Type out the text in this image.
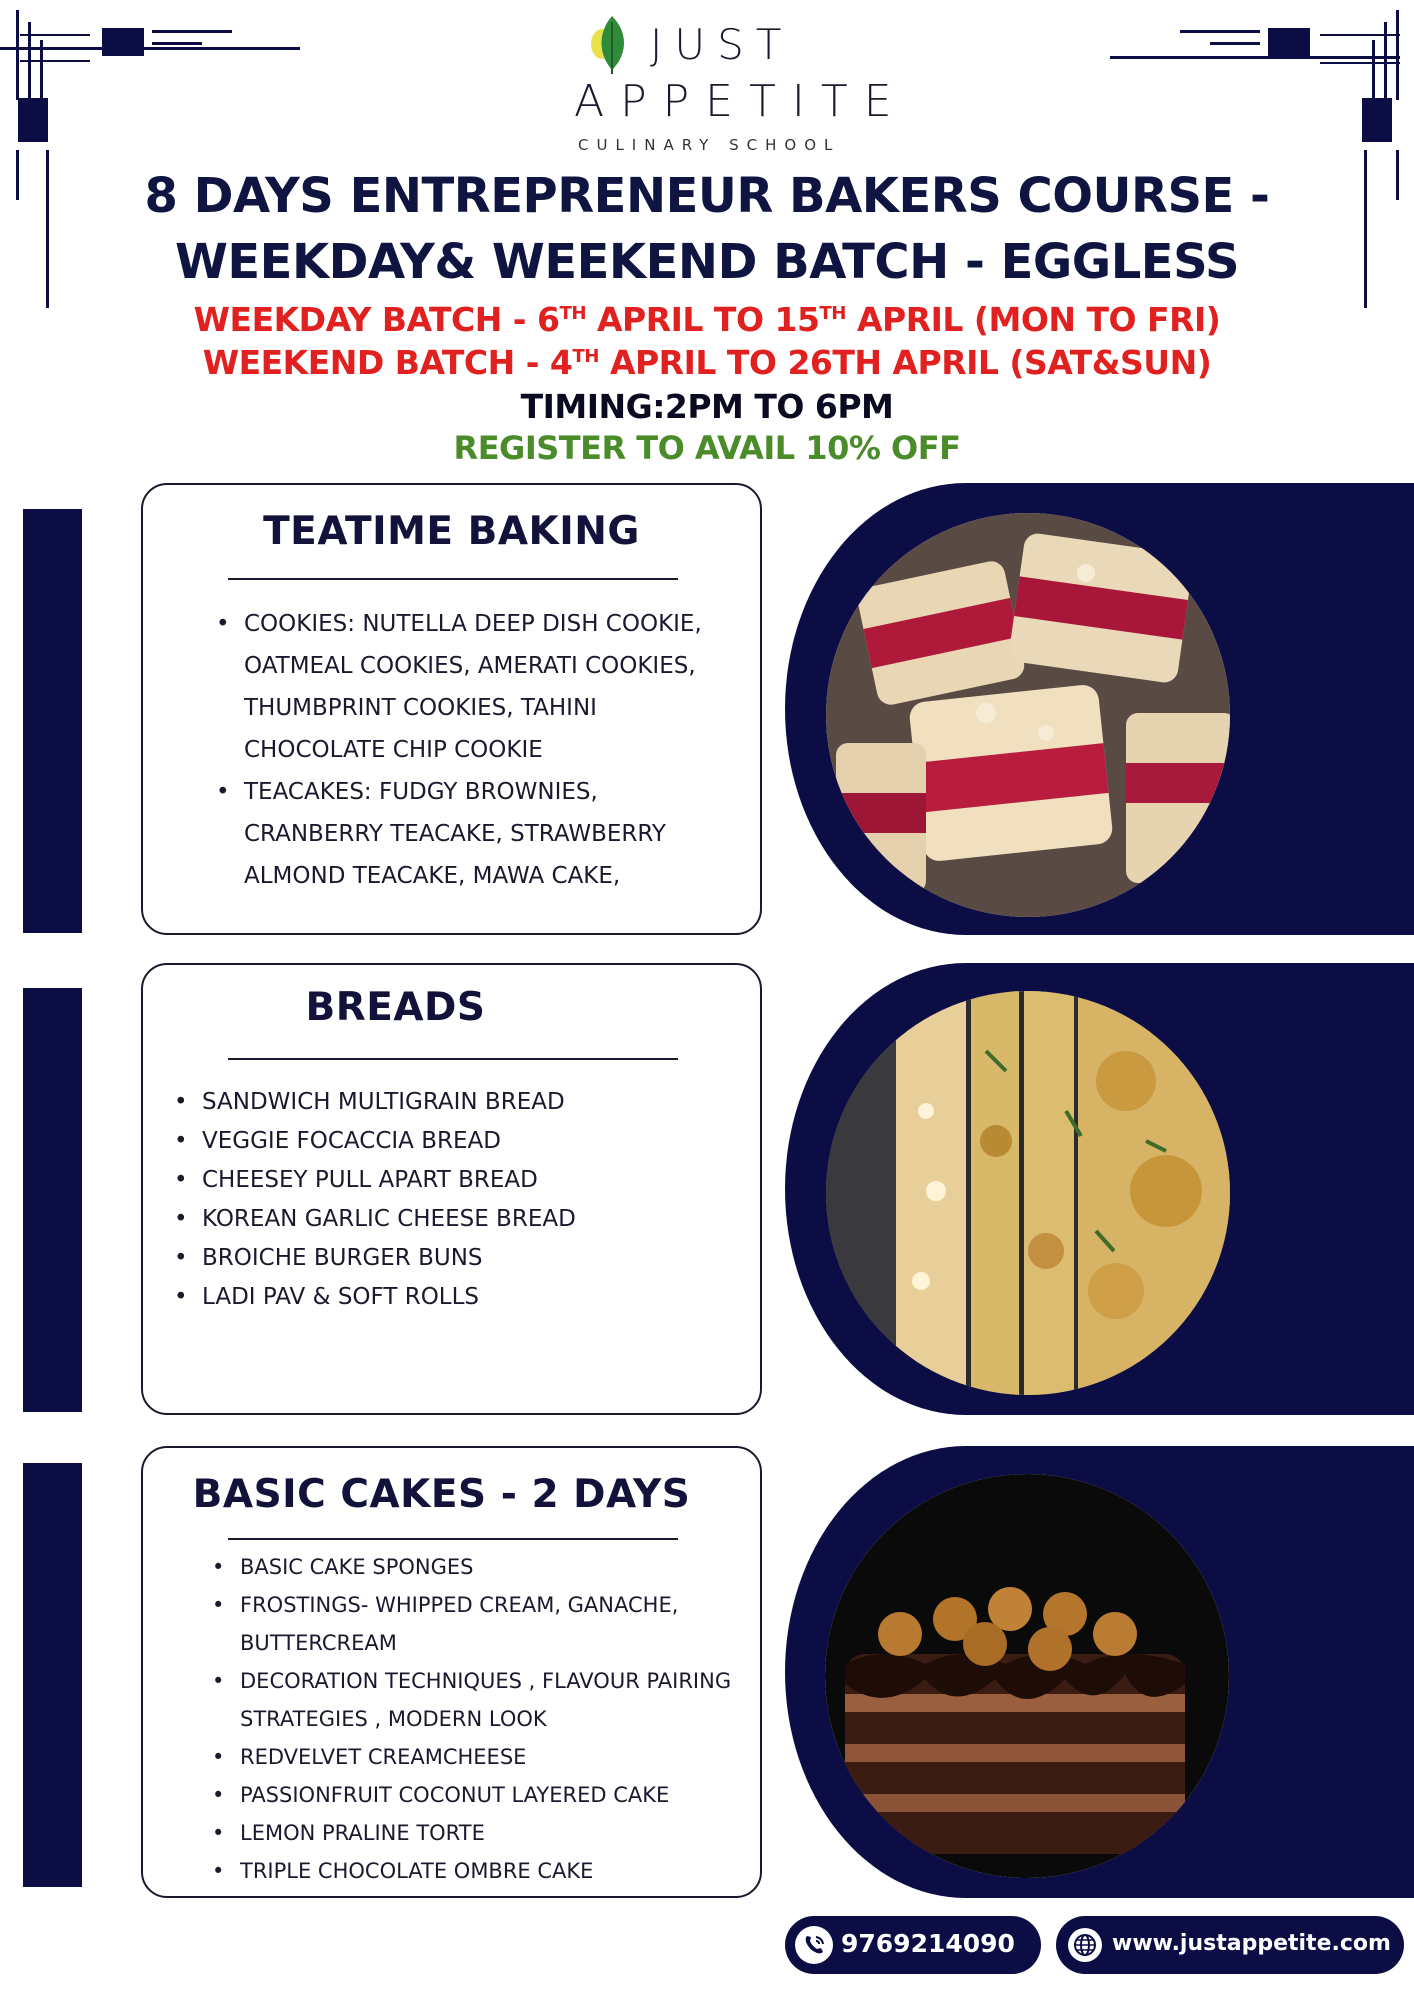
JUST
APPETITE
CULINARY SCHOOL
8 DAYS ENTREPRENEUR BAKERS COURSE -
WEEKDAY& WEEKEND BATCH - EGGLESS
WEEKDAY BATCH - 6TH APRIL TO 15TH APRIL (MON TO FRI)
WEEKEND BATCH - 4TH APRIL TO 26TH APRIL (SAT&SUN)
TIMING:2PM TO 6PM
REGISTER TO AVAIL 10% OFF
TEATIME BAKING
• COOKIES: NUTELLA DEEP DISH COOKIE,
OATMEAL COOKIES, AMERATI COOKIES,
THUMBPRINT COOKIES, TAHINI
CHOCOLATE CHIP COOKIE
• TEACAKES: FUDGY BROWNIES,
CRANBERRY TEACAKE, STRAWBERRY
ALMOND TEACAKE, MAWA CAKE,
BREADS
• SANDWICH MULTIGRAIN BREAD
• VEGGIE FOCACCIA BREAD
• CHEESEY PULL APART BREAD
• KOREAN GARLIC CHEESE BREAD
• BROICHE BURGER BUNS
• LADI PAV & SOFT ROLLS
BASIC CAKES - 2 DAYS
• BASIC CAKE SPONGES
• FROSTINGS- WHIPPED CREAM, GANACHE,
BUTTERCREAM
• DECORATION TECHNIQUES , FLAVOUR PAIRING
STRATEGIES , MODERN LOOK
• REDVELVET CREAMCHEESE
• PASSIONFRUIT COCONUT LAYERED CAKE
• LEMON PRALINE TORTE
• TRIPLE CHOCOLATE OMBRE CAKE
9769214090	www.justappetite.com
